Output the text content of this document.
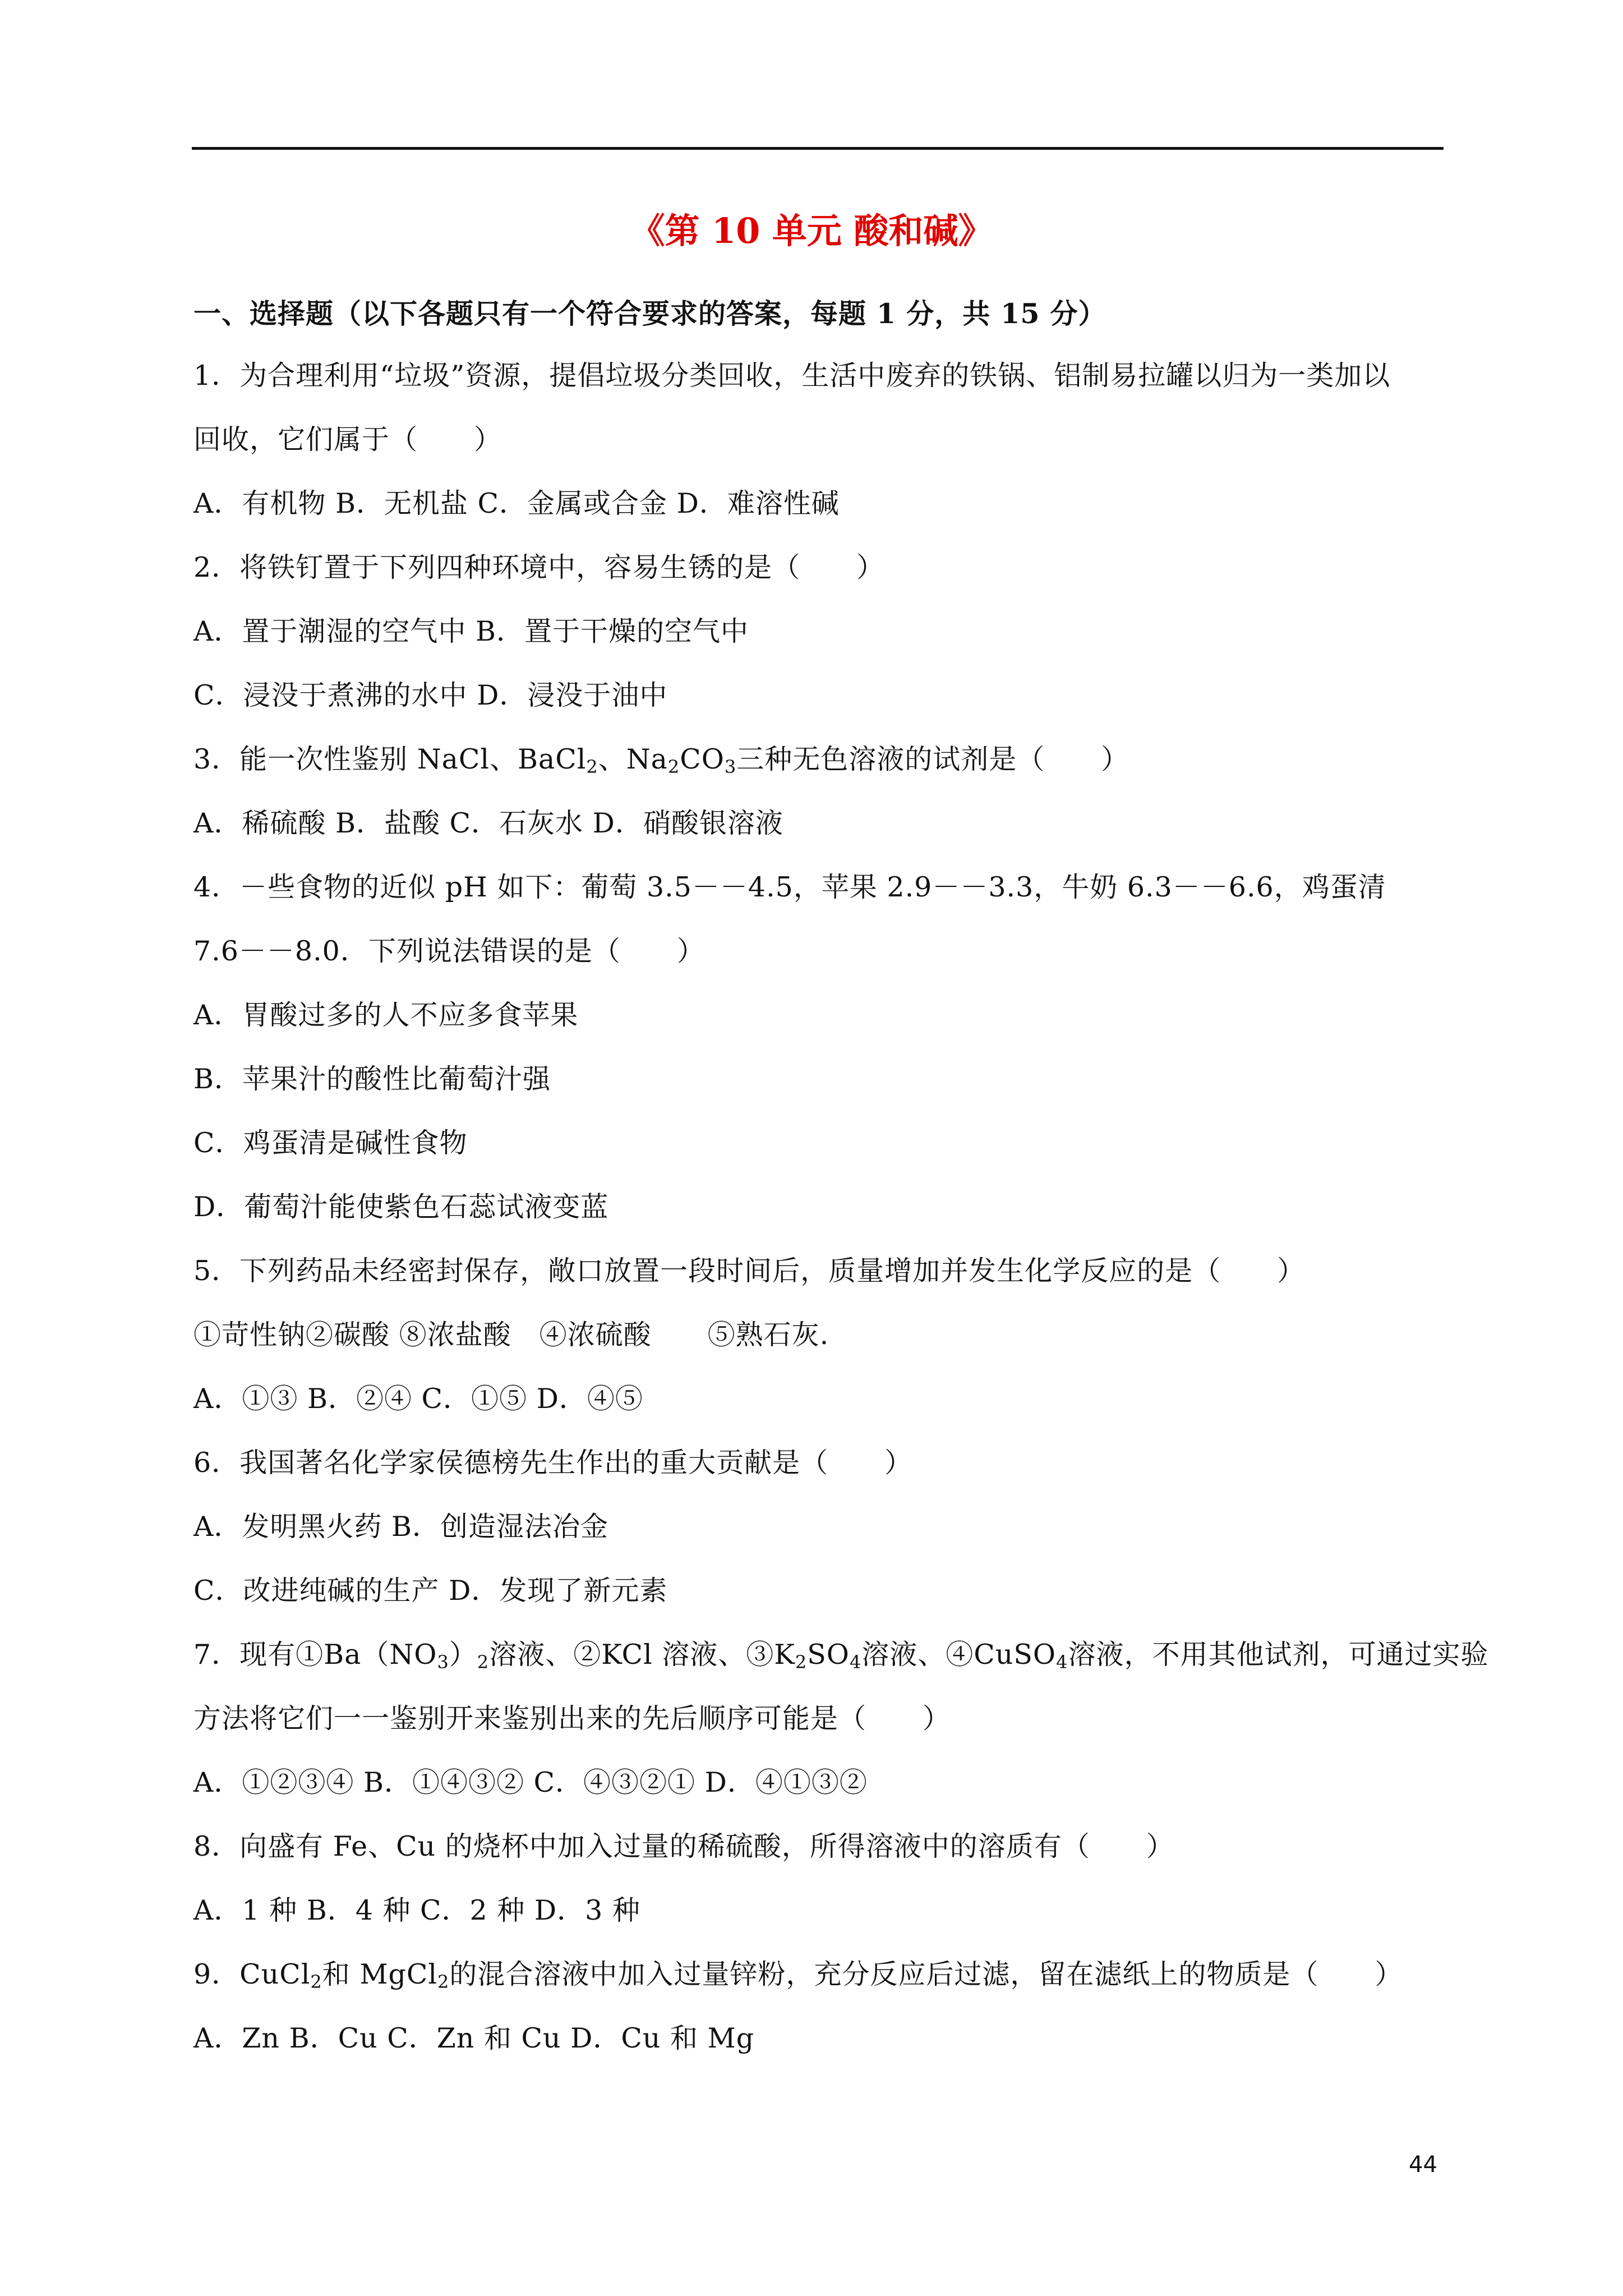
《第 10 单元 酸和碱》
一、选择题（以下各题只有一个符合要求的答案，每题 1 分，共 15 分）
1．为合理利用“垃圾”资源，提倡垃圾分类回收，生活中废弃的铁锅、铝制易拉罐以归为一类加以
回收，它们属于（　　）
A．有机物 B．无机盐 C．金属或合金 D．难溶性碱
2．将铁钉置于下列四种环境中，容易生锈的是（　　）
A．置于潮湿的空气中 B．置于干燥的空气中
C．浸没于煮沸的水中 D．浸没于油中
3．能一次性鉴别 NaCl、BaCl$_2$、$Na_2CO_3$三种无色溶液的试剂是（　　）
A．稀硫酸 B．盐酸 C．石灰水 D．硝酸银溶液
4．－些食物的近似 pH 如下：葡萄 3.5－－4.5，苹果 2.9－－3.3，牛奶 6.3－－6.6，鸡蛋清
7.6－－8.0．下列说法错误的是（　　）
A．胃酸过多的人不应多食苹果
B．苹果汁的酸性比葡萄汁强
C．鸡蛋清是碱性食物
D．葡萄汁能使紫色石蕊试液变蓝
5．下列药品未经密封保存，敞口放置一段时间后，质量增加并发生化学反应的是（　　）
①苛性钠②碳酸 ⑧浓盐酸　④浓硫酸　　⑤熟石灰.
A．①③ B．②④ C．①⑤ D．④⑤
6．我国著名化学家侯德榜先生作出的重大贡献是（　　）
A．发明黑火药 B．创造湿法冶金
C．改进纯碱的生产 D．发现了新元素
7．现有$①Ba(NO_3)_2$溶液、②KCl 溶液、$③K_2SO_4$溶液、④CuSO$_4$溶液，不用其他试剂，可通过实验
方法将它们一一鉴别开来鉴别出来的先后顺序可能是（　　）
A．①②③④ B．①④③② C．④③②① D．④①③②
8．向盛有 Fe、Cu 的烧杯中加入过量的稀硫酸，所得溶液中的溶质有（　　）
A．1 种 B．4 种 C．2 种 D．3 种
9．CuCl$_2$和 MgCl$_2$的混合溶液中加入过量锌粉，充分反应后过滤，留在滤纸上的物质是（　　）
A．Zn B．Cu C．Zn 和 Cu D．Cu 和 Mg
44
